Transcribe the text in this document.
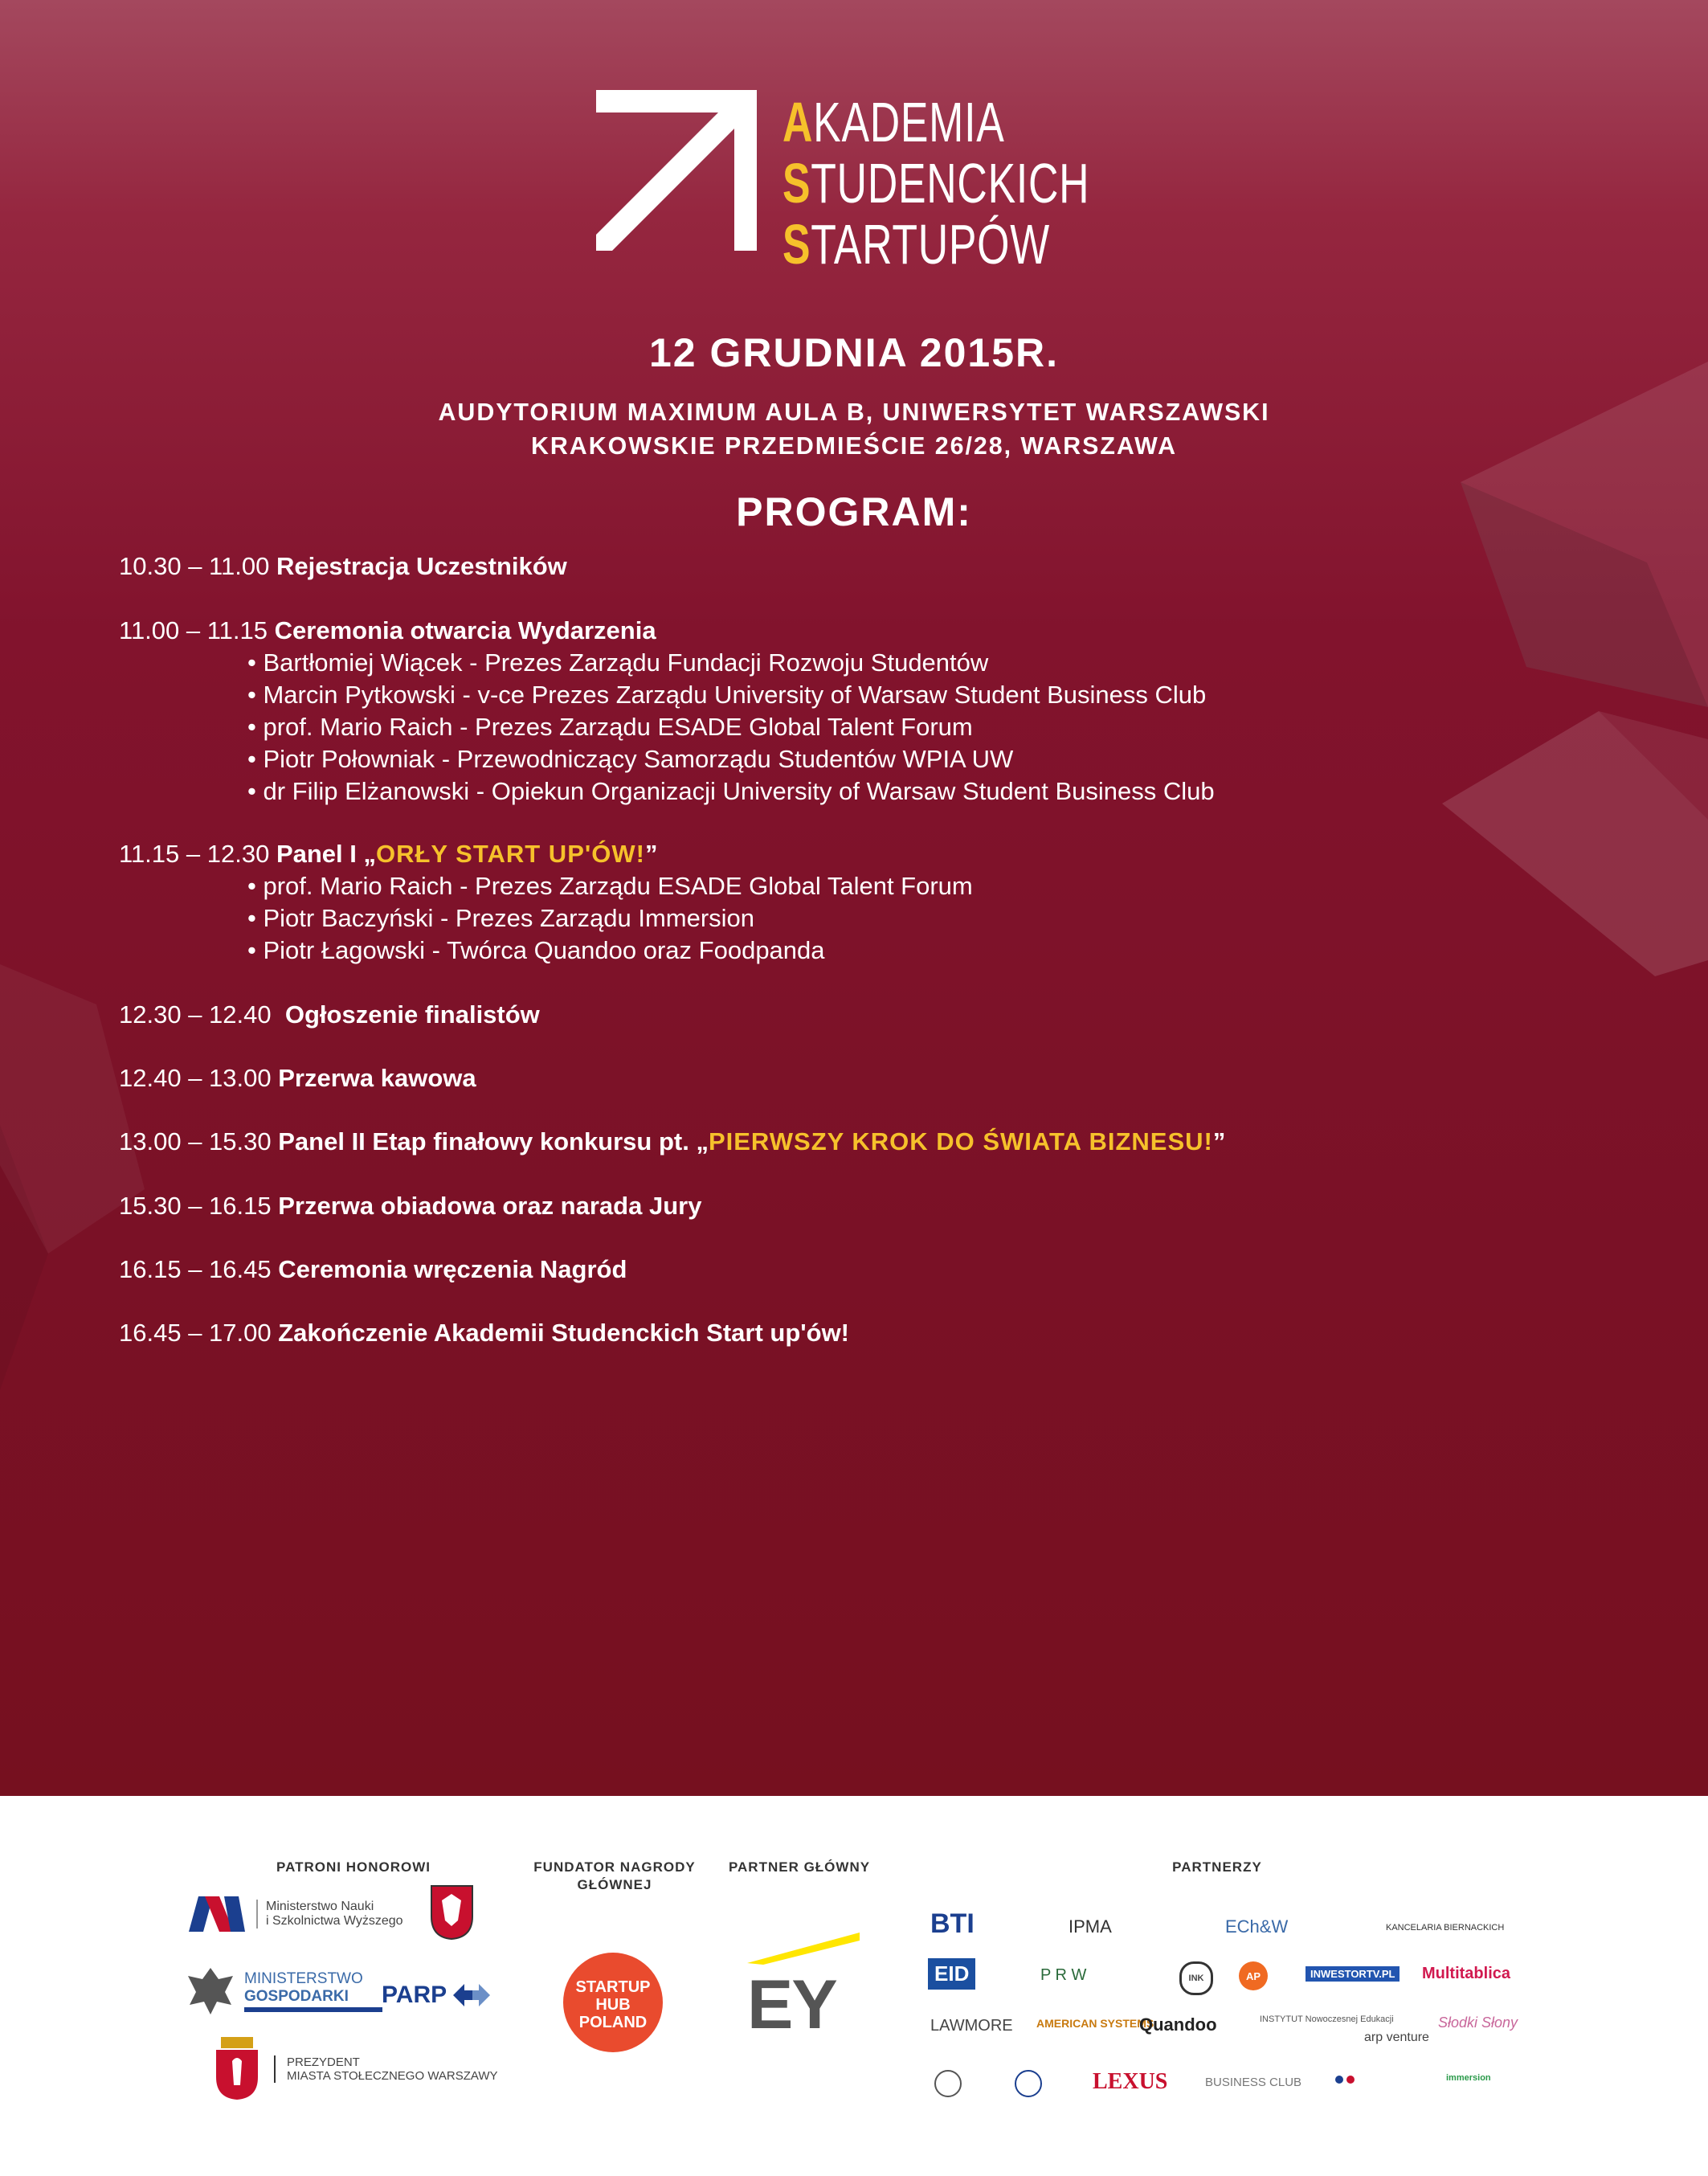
AKADEMIA
STUDENCKICH
STARTUPÓW
12 GRUDNIA 2015R.
AUDYTORIUM MAXIMUM AULA B, UNIWERSYTET WARSZAWSKI
KRAKOWSKIE PRZEDMIEŚCIE 26/28, WARSZAWA
PROGRAM:
10.30 – 11.00 Rejestracja Uczestników
11.00 – 11.15 Ceremonia otwarcia Wydarzenia
• Bartłomiej Wiącek - Prezes Zarządu Fundacji Rozwoju Studentów
• Marcin Pytkowski - v-ce Prezes Zarządu University of Warsaw Student Business Club
• prof. Mario Raich - Prezes Zarządu ESADE Global Talent Forum
• Piotr Połowniak - Przewodniczący Samorządu Studentów WPIA UW
• dr Filip Elżanowski - Opiekun Organizacji University of Warsaw Student Business Club
11.15 – 12.30 Panel I „ORŁY START UP'ÓW!”
• prof. Mario Raich - Prezes Zarządu ESADE Global Talent Forum
• Piotr Baczyński - Prezes Zarządu Immersion
• Piotr Łagowski - Twórca Quandoo oraz Foodpanda
12.30 – 12.40 Ogłoszenie finalistów
12.40 – 13.00 Przerwa kawowa
13.00 – 15.30 Panel II Etap finałowy konkursu pt. „PIERWSZY KROK DO ŚWIATA BIZNESU!”
15.30 – 16.15 Przerwa obiadowa oraz narada Jury
16.15 – 16.45 Ceremonia wręczenia Nagród
16.45 – 17.00 Zakończenie Akademii Studenckich Start up'ów!
PATRONI HONOROWI	FUNDATOR NAGRODY
GŁÓWNEJ
PARTNER GŁÓWNY	PARTNERZY
Ministerstwo Nauki
i Szkolnictwa Wyższego
MINISTERSTWO
GOSPODARKI	PARP
PREZYDENT
MIASTA STOŁECZNEGO WARSZAWY
STARTUP
HUB
POLAND EY
BTI	IPMA	ECh&W	KANCELARIA BIERNACKICH
EID	P R W	INK	AP	INWESTORTV.PL Multitablica
LAWMORE AMERICAN SYSTEMS
Quandoo	INSTYTUT Nowoczesnej Edukacji
arp venture
Słodki Słony
LEXUS	BUSINESS CLUB	immersion
